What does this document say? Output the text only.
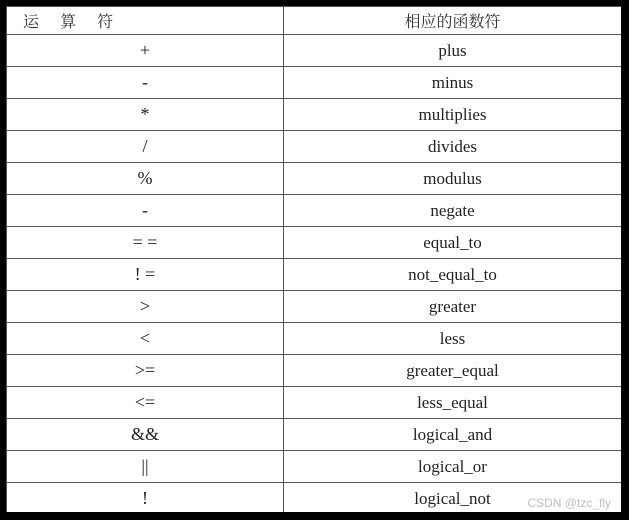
运 算 符	相应的函数符
+	plus
-	minus
*	multiplies
/	divides
%	modulus
-	negate
= =	equal_to
! =	not_equal_to
>	greater
<	less
>=	greater_equal
<=	less_equal
&&	logical_and
||	logical_or
!	logical_not	CSDN @tzc_fly
